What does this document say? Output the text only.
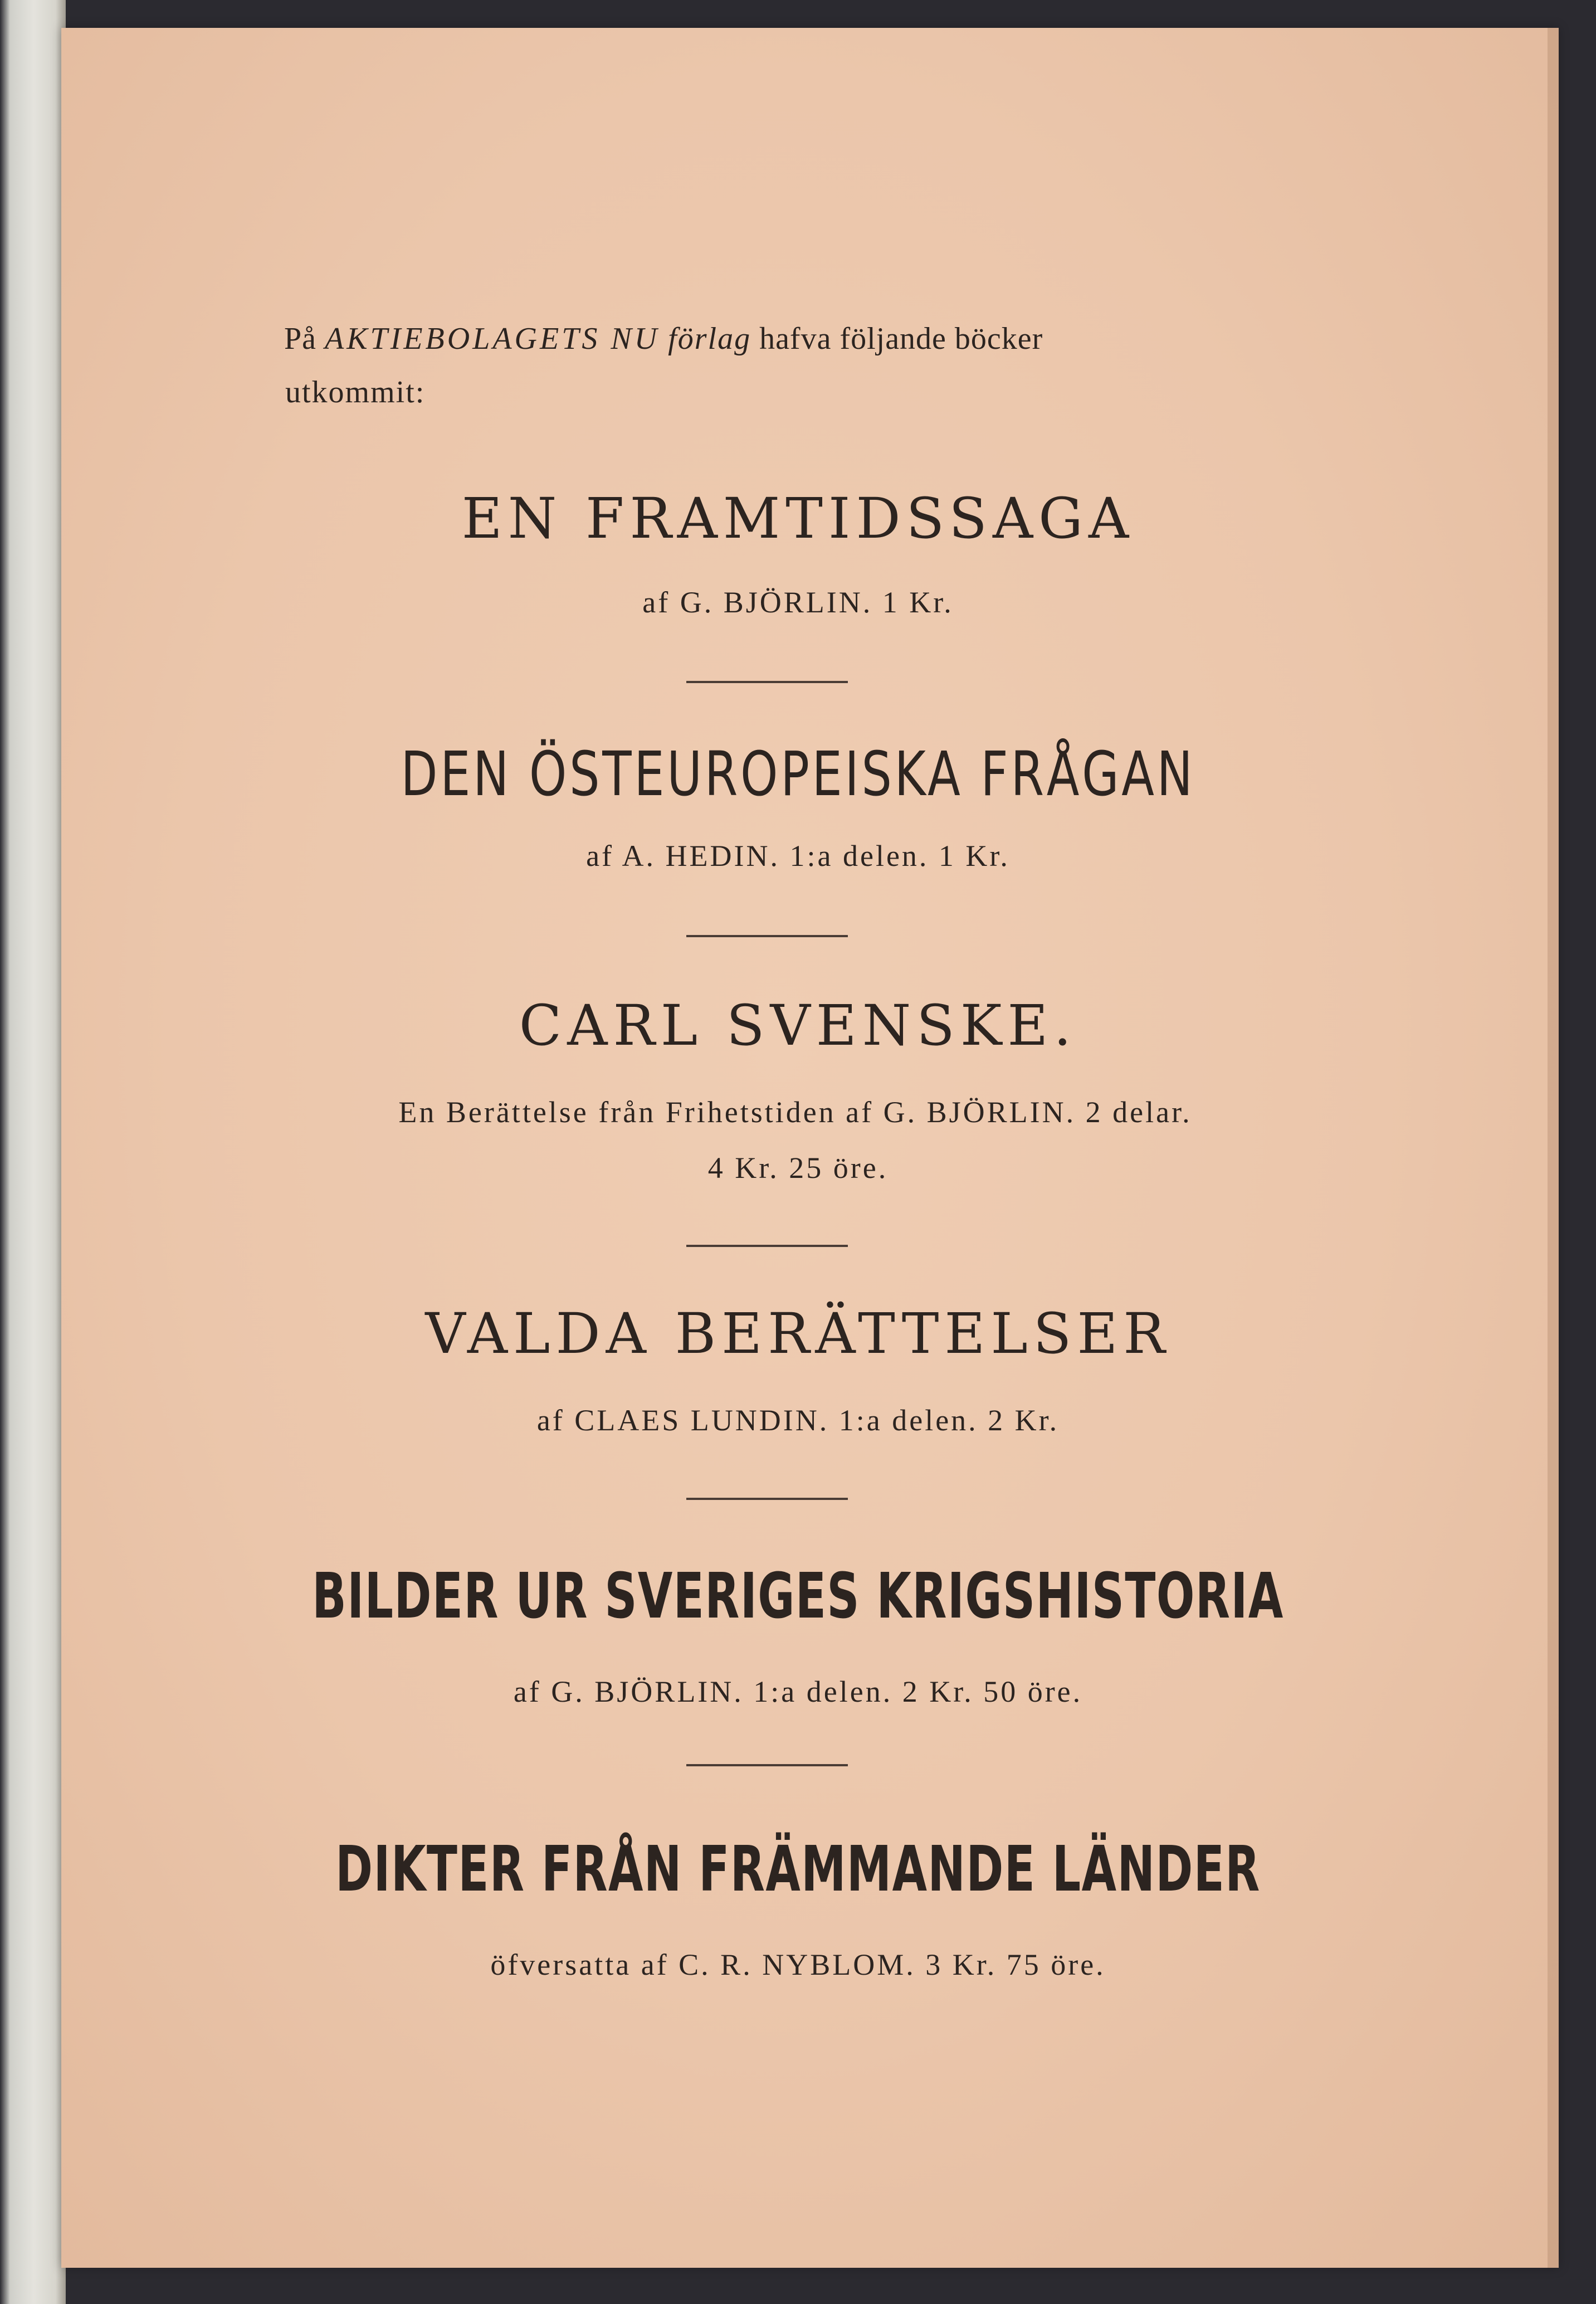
På AKTIEBOLAGETS NU förlag hafva följande böcker
utkommit:
EN FRAMTIDSSAGA
af G. BJÖRLIN. 1 Kr.
DEN ÖSTEUROPEISKA FRÅGAN
af A. HEDIN. 1:a delen. 1 Kr.
CARL SVENSKE.
En Berättelse från Frihetstiden af G. BJÖRLIN. 2 delar.
4 Kr. 25 öre.
VALDA BERÄTTELSER
af CLAES LUNDIN. 1:a delen. 2 Kr.
BILDER UR SVERIGES KRIGSHISTORIA
af G. BJÖRLIN. 1:a delen. 2 Kr. 50 öre.
DIKTER FRÅN FRÄMMANDE LÄNDER
öfversatta af C. R. NYBLOM. 3 Kr. 75 öre.
